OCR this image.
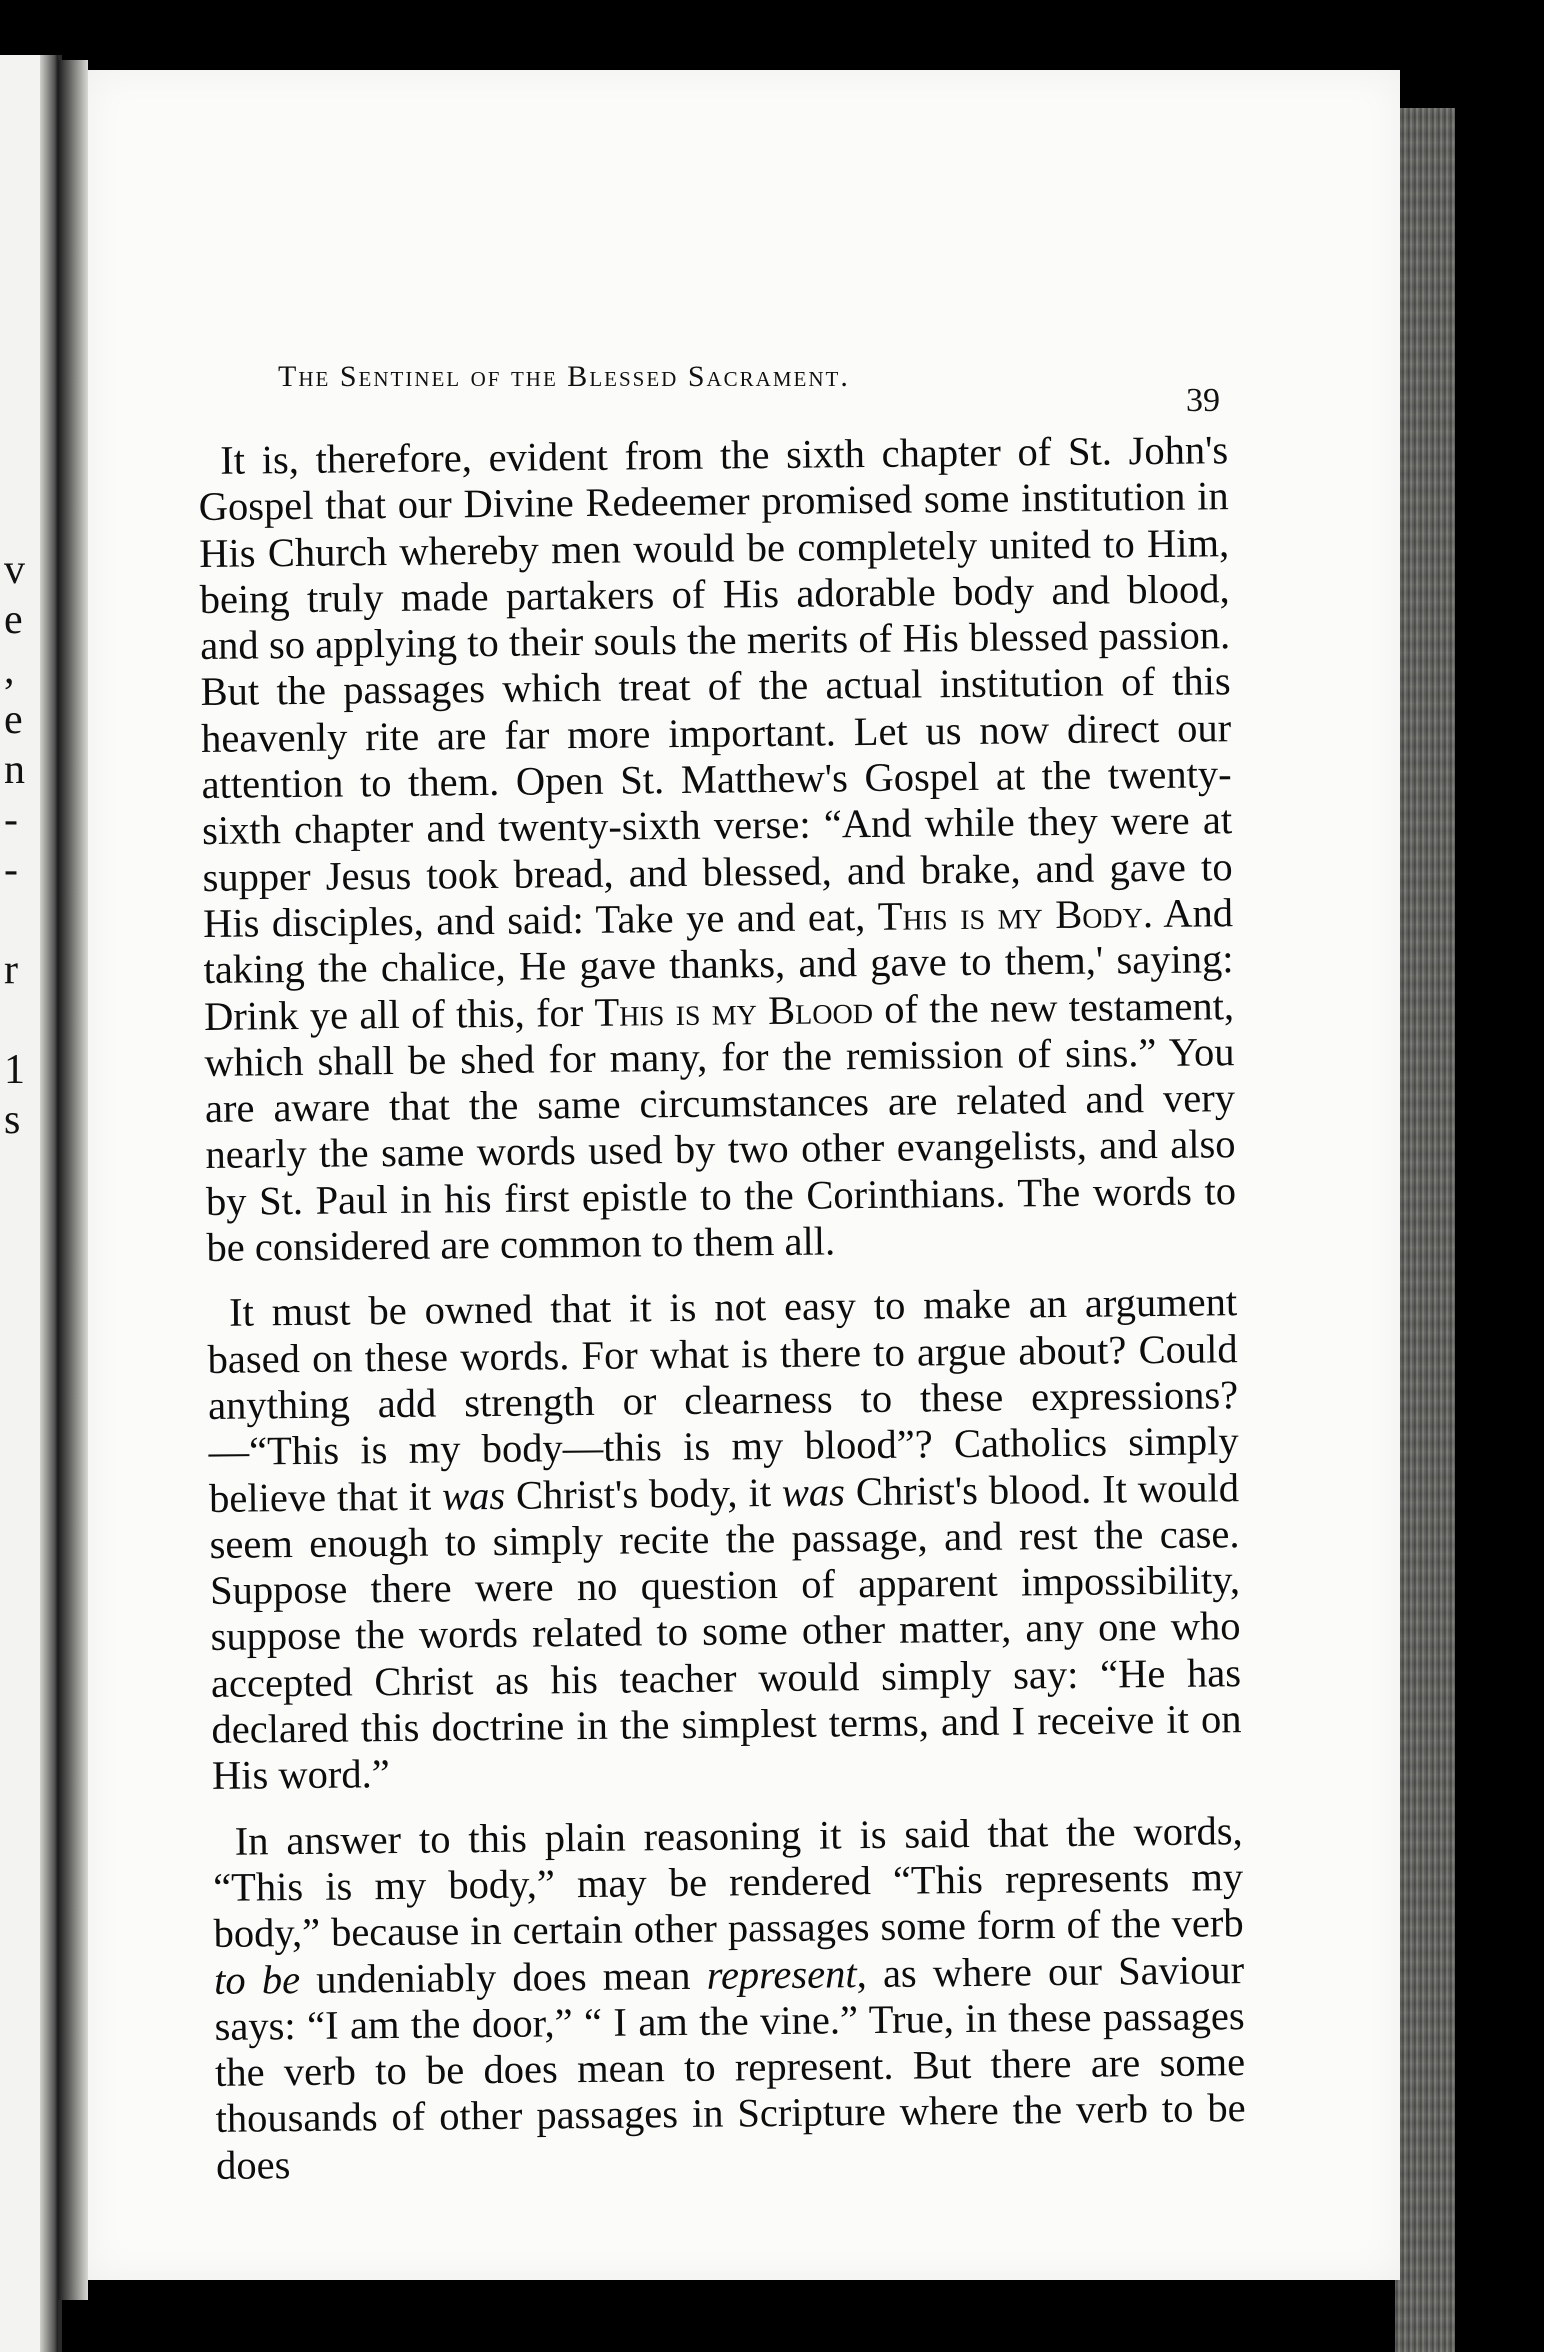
v
e
,
e
n
-
-

r

1
s
The Sentinel of the Blessed Sacrament.
39

It is, therefore, evident from the sixth chapter of St. John's Gospel that our Divine Redeemer promised some institution in His Church whereby men would be completely united to Him, being truly made partakers of His adorable body and blood, and so applying to their souls the merits of His blessed passion. But the passages which treat of the actual institution of this heavenly rite are far more important. Let us now direct our attention to them. Open St. Matthew's Gospel at the twenty-sixth chapter and twenty-sixth verse: “And while they were at supper Jesus took bread, and blessed, and brake, and gave to His disciples, and said: Take ye and eat, This is my Body. And taking the chalice, He gave thanks, and gave to them,' saying: Drink ye all of this, for This is my Blood of the new testament, which shall be shed for many, for the remission of sins.” You are aware that the same circumstances are related and very nearly the same words used by two other evangelists, and also by St. Paul in his first epistle to the Corinthians. The words to be considered are common to them all.

It must be owned that it is not easy to make an argument based on these words. For what is there to argue about? Could anything add strength or clearness to these expressions?—“This is my body—this is my blood”? Catholics simply believe that it was Christ's body, it was Christ's blood. It would seem enough to simply recite the passage, and rest the case. Suppose there were no question of apparent impossibility, suppose the words related to some other matter, any one who accepted Christ as his teacher would simply say: “He has declared this doctrine in the simplest terms, and I receive it on His word.”

In answer to this plain reasoning it is said that the words, “This is my body,” may be rendered “This represents my body,” because in certain other passages some form of the verb to be undeniably does mean represent, as where our Saviour says: “I am the door,” “ I am the vine.” True, in these passages the verb to be does mean to represent. But there are some thousands of other passages in Scripture where the verb to be does
